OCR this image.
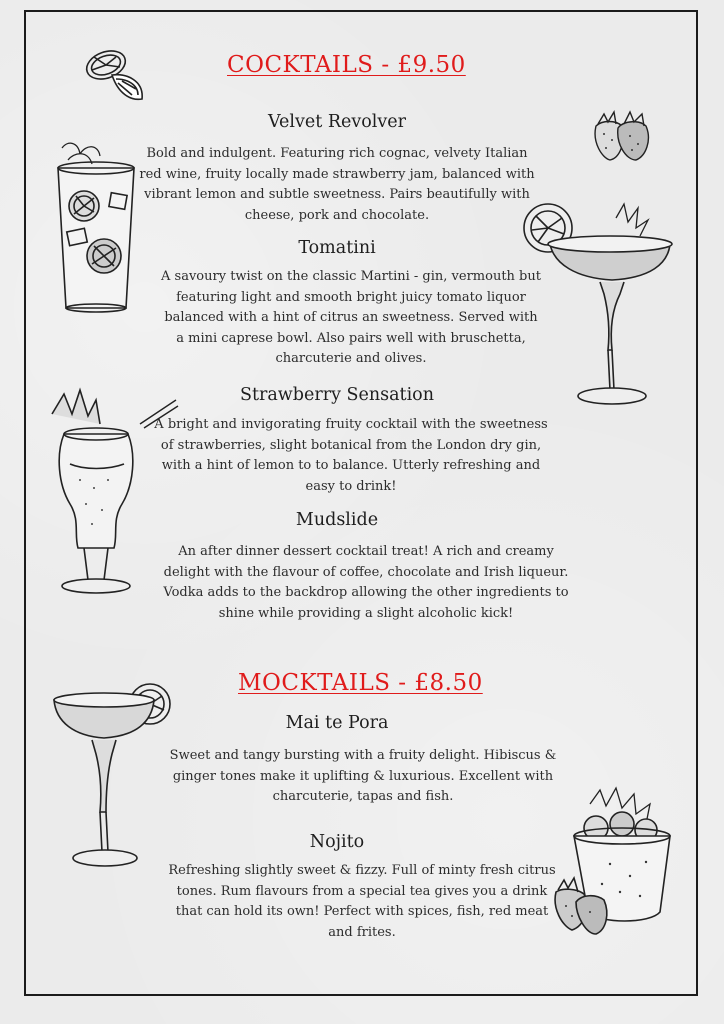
COCKTAILS - £9.50
Velvet Revolver
Bold and indulgent. Featuring rich cognac, velvety Italian red wine, fruity locally made strawberry jam, balanced with vibrant lemon and subtle sweetness. Pairs beautifully with cheese, pork and chocolate.
Tomatini
A savoury twist on the classic Martini - gin, vermouth but featuring light and smooth bright juicy tomato liquor balanced with a hint of citrus an sweetness. Served with a mini caprese bowl. Also pairs well with bruschetta, charcuterie and olives.
Strawberry Sensation
A bright and invigorating fruity cocktail with the sweetness of strawberries, slight botanical from the London dry gin, with a hint of lemon to to balance. Utterly refreshing and easy to drink!
Mudslide
An after dinner dessert cocktail treat! A rich and creamy delight with the flavour of coffee, chocolate and Irish liqueur. Vodka adds to the backdrop allowing the other ingredients to shine while providing a slight alcoholic kick!
MOCKTAILS - £8.50
Mai te Pora
Sweet and tangy bursting with a fruity delight. Hibiscus & ginger tones make it uplifting & luxurious. Excellent with charcuterie, tapas and fish.
Nojito
Refreshing slightly sweet & fizzy. Full of minty fresh citrus tones. Rum flavours from a special tea gives you a drink that can hold its own! Perfect with spices, fish, red meat and frites.
